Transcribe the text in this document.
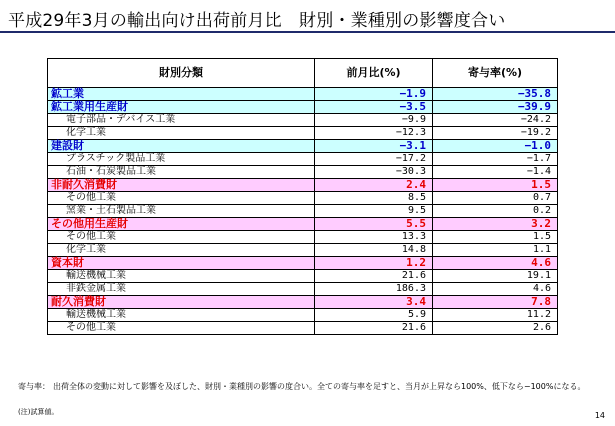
平成29年3月の輸出向け出荷前月比　財別・業種別の影響度合い
財別分類	前月比(%)	寄与率(%)
鉱工業	−1.9	−35.8
鉱工業用生産財	−3.5	−39.9
電子部品・デバイス工業	−9.9	−24.2
化学工業	−12.3	−19.2
建設財	−3.1	−1.0
プラスチック製品工業	−17.2	−1.7
石油・石炭製品工業	−30.3	−1.4
非耐久消費財	2.4	1.5
その他工業	8.5	0.7
窯業・土石製品工業	9.5	0.2
その他用生産財	5.5	3.2
その他工業	13.3	1.5
化学工業	14.8	1.1
資本財	1.2	4.6
輸送機械工業	21.6	19.1
非鉄金属工業	186.3	4.6
耐久消費財	3.4	7.8
輸送機械工業	5.9	11.2
その他工業	21.6	2.6
寄与率： 出荷全体の変動に対して影響を及ぼした、財別・業種別の影響の度合い。全ての寄与率を足すと、当月が上昇なら100%、低下なら−100%になる。
(注)試算値。	14
